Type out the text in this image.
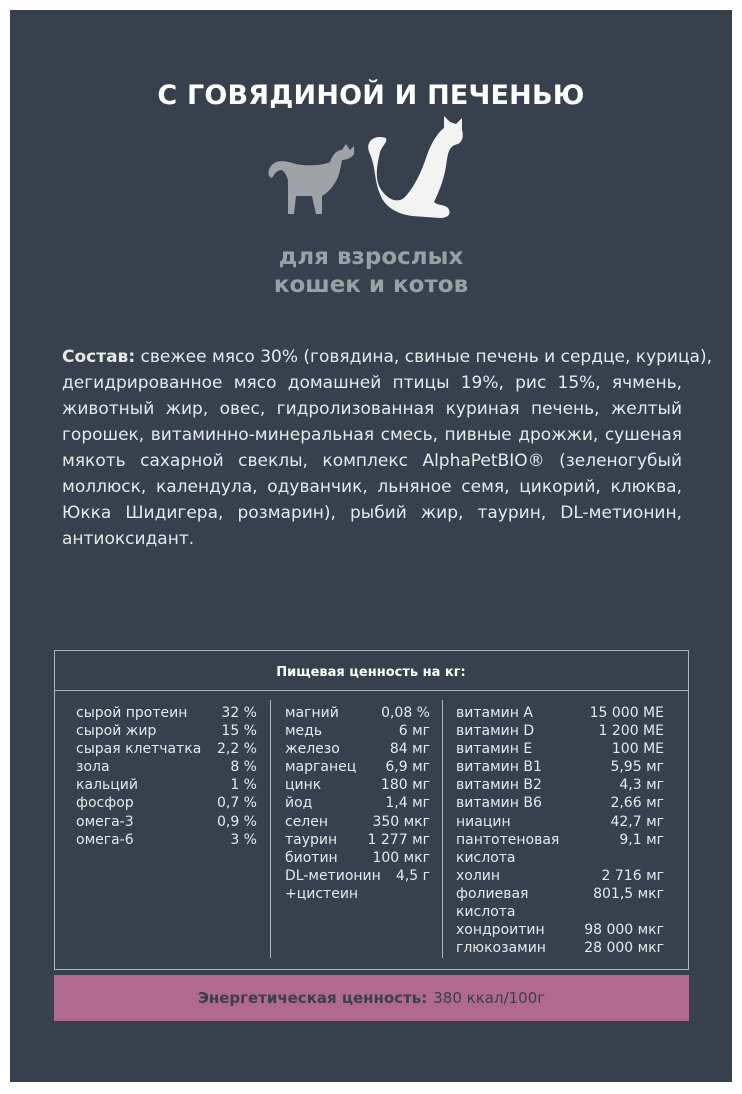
С ГОВЯДИНОЙ И ПЕЧЕНЬЮ
для взрослых
кошек и котов
Состав: свежее мясо 30% (говядина, свиные печень и сердце, курица),
дегидрированное мясо домашней птицы 19%, рис 15%, ячмень,
животный жир, овес, гидролизованная куриная печень, желтый
горошек, витаминно-минеральная смесь, пивные дрожжи, сушеная
мякоть сахарной свеклы, комплекс AlphaPetBIO® (зеленогубый
моллюск, календула, одуванчик, льняное семя, цикорий, клюква,
Юкка Шидигера, розмарин), рыбий жир, таурин, DL-метионин,
антиоксидант.
Пищевая ценность на кг:
сырой протеин 32 %
сырой жир	15 %
сырая клетчатка 2,2 %
зола	8 %
кальций	1 %
фосфор	0,7 %
омега-3	0,9 %
омега-6	3 %
магний	0,08 %
медь	6 мг
железо	84 мг
марганец 6,9 мг
цинк	180 мг
йод	1,4 мг
селен	350 мкг
таурин 1 277 мг
биотин 100 мкг
DL-метионин 4,5 г
+цистеин
витамин А	15 000 МЕ
витамин D	1 200 МЕ
витамин Е	100 МЕ
витамин В1	5,95 мг
витамин В2	4,3 мг
витамин В6	2,66 мг
ниацин	42,7 мг
пантотеновая	9,1 мг
кислота
холин	2 716 мг
фолиевая	801,5 мкг
кислота
хондроитин	98 000 мкг
глюкозамин	28 000 мкг
Энергетическая ценность: 380 ккал/100г
